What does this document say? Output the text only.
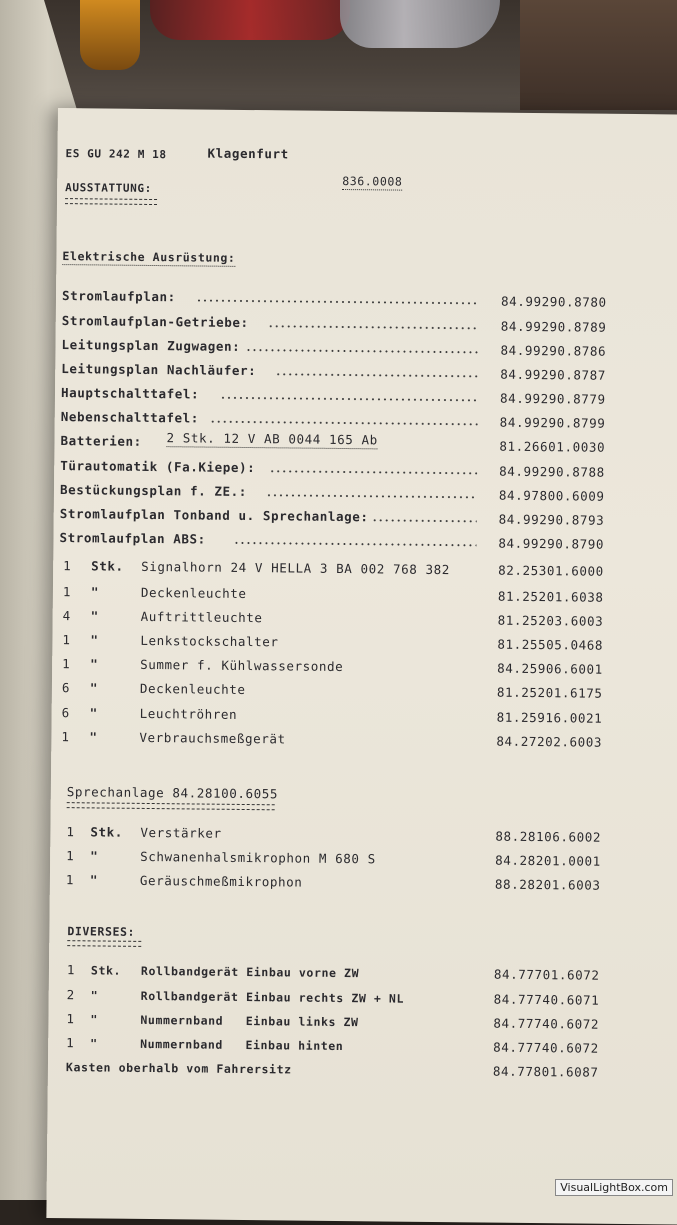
ES GU 242 M 18	Klagenfurt
836.0008
AUSSTATTUNG:
Elektrische Ausrüstung:
Stromlaufplan:	84.99290.8780
Stromlaufplan-Getriebe:	84.99290.8789
Leitungsplan Zugwagen:	84.99290.8786
Leitungsplan Nachläufer:	84.99290.8787
Hauptschalttafel:	84.99290.8779
Nebenschalttafel:	84.99290.8799
Batterien: 2 Stk. 12 V AB 0044 165 Ab	81.26601.0030
Türautomatik (Fa.Kiepe):	84.99290.8788
Bestückungsplan f. ZE.:	84.97800.6009
Stromlaufplan Tonband u. Sprechanlage:	84.99290.8793
Stromlaufplan ABS:	84.99290.8790
1 Stk. Signalhorn 24 V HELLA 3 BA 002 768 382	82.25301.6000
1 "	Deckenleuchte	81.25201.6038
4 "	Auftrittleuchte	81.25203.6003
1 "	Lenkstockschalter	81.25505.0468
1 "	Summer f. Kühlwassersonde	84.25906.6001
6 "	Deckenleuchte	81.25201.6175
6 "	Leuchtröhren	81.25916.0021
1 "	Verbrauchsmeßgerät	84.27202.6003
Sprechanlage 84.28100.6055
1 Stk. Verstärker	88.28106.6002
1 "	Schwanenhalsmikrophon M 680 S	84.28201.0001
1 "	Geräuschmeßmikrophon	88.28201.6003
DIVERSES:
1 Stk. Rollbandgerät Einbau vorne ZW	84.77701.6072
2 "	Rollbandgerät Einbau rechts ZW + NL	84.77740.6071
1 "	Nummernband   Einbau links ZW	84.77740.6072
1 "	Nummernband   Einbau hinten	84.77740.6072
Kasten oberhalb vom Fahrersitz	84.77801.6087
VisualLightBox.com
